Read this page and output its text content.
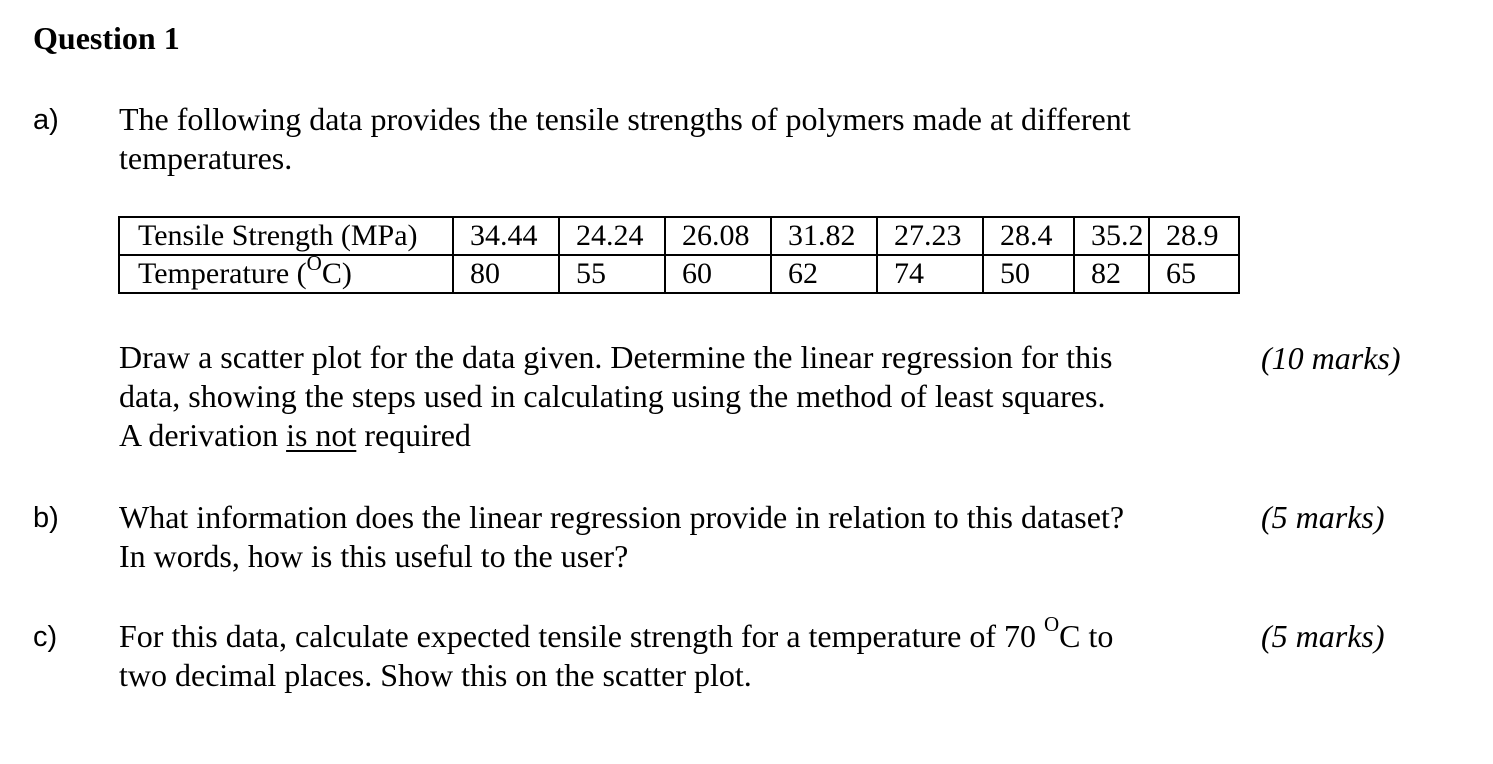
Question 1
a) The following data provides the tensile strengths of polymers made at different
temperatures.
Tensile Strength (MPa)	34.44	24.24	26.08	31.82	27.23	28.4	35.2	28.9
Temperature ($^O$C)	80	55	60	62	74	50	82	65
Draw a scatter plot for the data given. Determine the linear regression for this
data, showing the steps used in calculating using the method of least squares.
A derivation is not required
(10 marks)
b) What information does the linear regression provide in relation to this dataset?
In words, how is this useful to the user?
(5 marks)
c) For this data, calculate expected tensile strength for a temperature of 70 $^O$C to
two decimal places. Show this on the scatter plot.
(5 marks)
